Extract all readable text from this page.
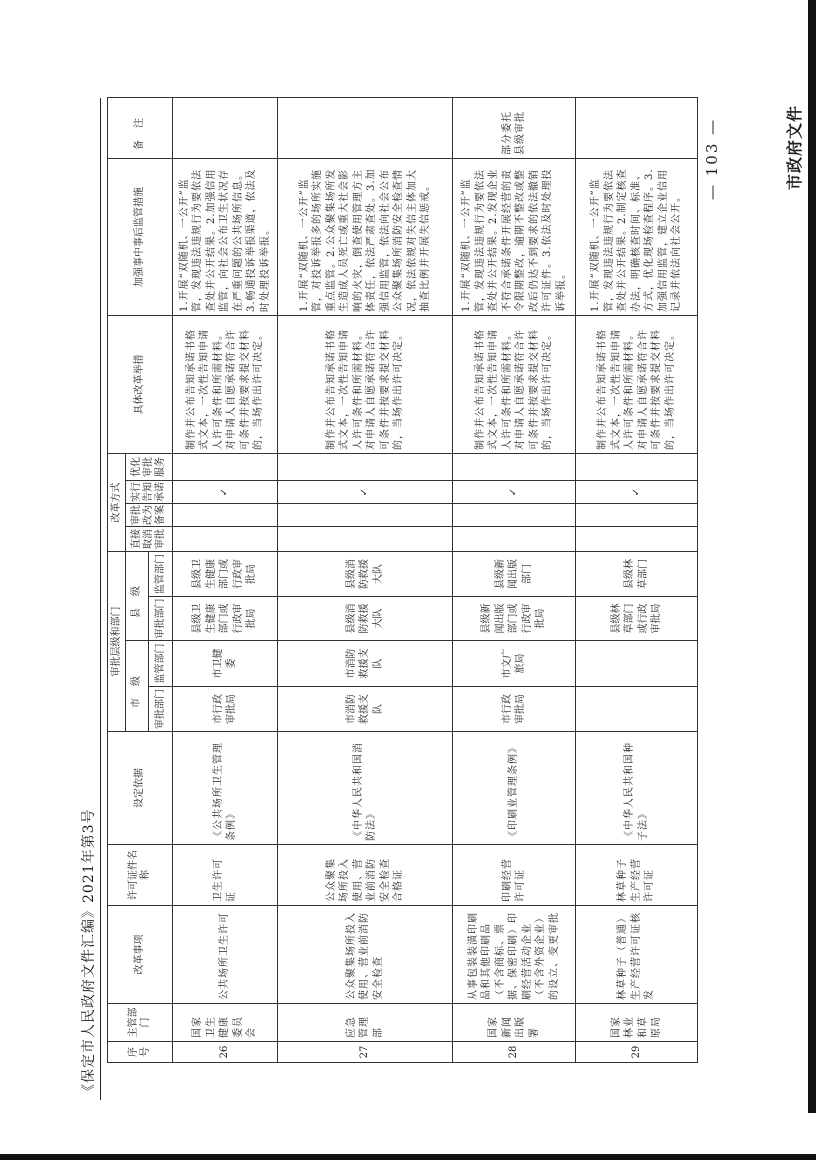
《保定市人民政府文件汇编》2021年第3号	序号	主管部门	改革事项	许可证件名称	设定依据	审批层级和部门				改革方式				具体改革举措	加强事中事后监管措施	备注
					市级		县级		直接取消审批	审批改为备案	实行告知承诺	优化审批服务			
					审批部门	监管部门	审批部门	监管部门							
26	国家卫生健康委员会	公共场所卫生许可	卫生许可证	《公共场所卫生管理条例》	市行政审批局	市卫健委	县级卫生健康部门或行政审批局	县级卫生健康部门或行政审批局			✓		制作并公布告知承诺书格式文本，一次性告知申请人许可条件和所需材料。对申请人自愿承诺符合许可条件并按要求提交材料的，当场作出许可决定。	1.开展“双随机、一公开”监管，发现违法违规行为要依法查处并公开结果。2.加强信用监管，向社会公布卫生状况存在严重问题的公共场所信息。3.畅通投诉举报渠道，依法及时处理投诉举报。	
27	应急管理部	公众聚集场所投入使用、营业前消防安全检查	公众聚集场所投入使用、营业前消防安全检查合格证	《中华人民共和国消防法》	市消防救援支队	市消防救援支队	县级消防救援大队	县级消防救援大队			✓		制作并公布告知承诺书格式文本，一次性告知申请人许可条件和所需材料。对申请人自愿承诺符合许可条件并按要求提交材料的，当场作出许可决定。	1.开展“双随机、一公开”监管，对投诉举报多的场所实施重点监管。2.公众聚集场所发生造成人员死亡或重大社会影响的火灾，倒查使用管理方主体责任，依法严肃查处。3.加强信用监管，依法向社会公布公众聚集场所消防安全检查情况，依法依规对失信主体加大抽查比例并开展失信惩戒。	
28	国家新闻出版署	从事包装装潢印刷品和其他印刷品（不含商标、票据、保密印刷）印刷经营活动企业（不含外资企业）的设立、变更审批	印刷经营许可证	《印刷业管理条例》	市行政审批局	市文广旅局	县级新闻出版部门或行政审批局	县级新闻出版部门			✓		制作并公布告知承诺书格式文本，一次性告知申请人许可条件和所需材料。对申请人自愿承诺符合许可条件并按要求提交材料的，当场作出许可决定。	1.开展“双随机、一公开”监管，发现违法违规行为要依法查处并公开结果。2.发现企业不符合承诺条件开展经营的责令限期整改，逾期不整改或整改后仍达不到要求的依法撤销许可证件。3.依法及时处理投诉举报。	部分委托县级审批
29	国家林业和草原局	林草种子（普通）生产经营许可证核发	林草种子生产经营许可证	《中华人民共和国种子法》			县级林草部门或行政审批局	县级林草部门			✓		制作并公布告知承诺书格式文本，一次性告知申请人许可条件和所需材料。对申请人自愿承诺符合许可条件并按要求提交材料的，当场作出许可决定。	1.开展“双随机、一公开”监管，发现违法违规行为要依法查处并公开结果。2.制定核查办法，明确核查时间、标准、方式，优化现场检查程序。3.加强信用监管，建立企业信用记录并依法向社会公开。	
— 103 —	市政府文件
